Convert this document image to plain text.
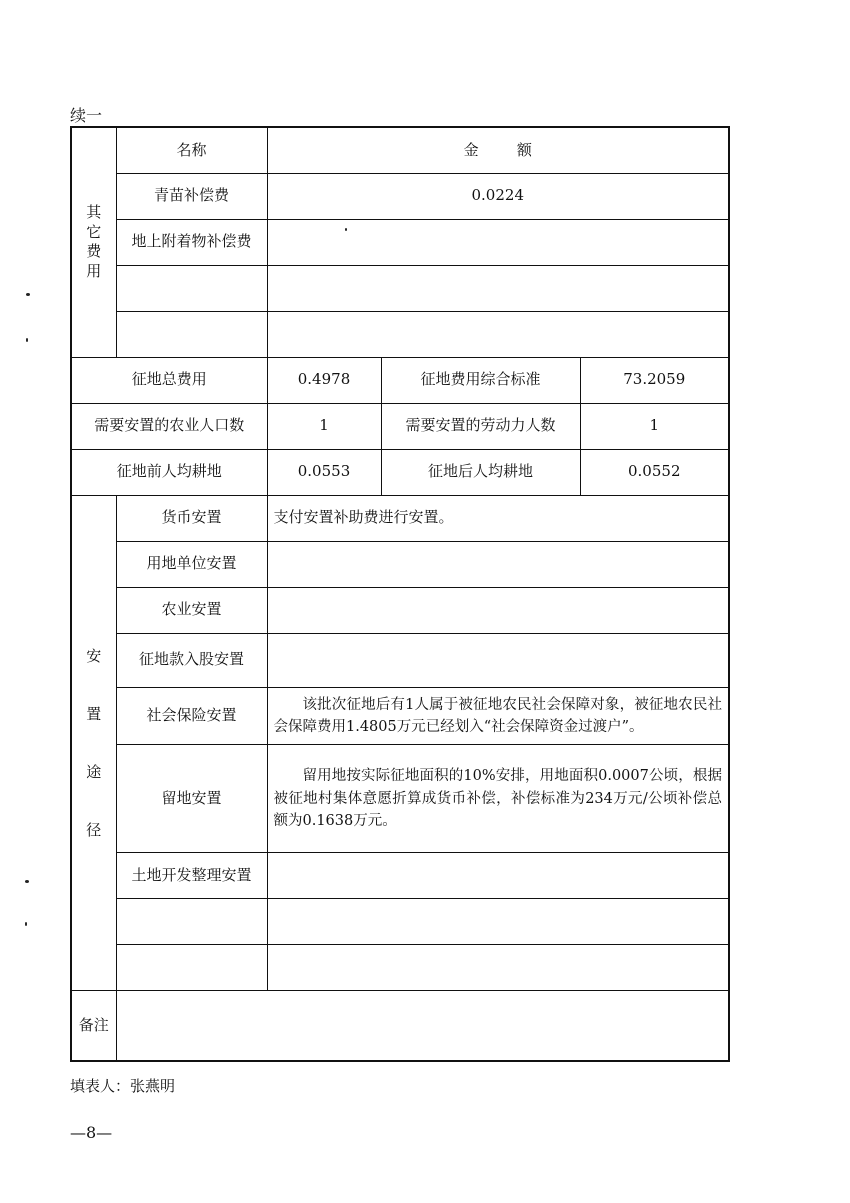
续一
其
它
费
用	名称	金        额		
	青苗补偿费	0.0224		
	地上附着物补偿费			

征地总费用		0.4978	征地费用综合标准	73.2059
需要安置的农业人口数		1	需要安置的劳动力人数	1
征地前人均耕地		0.0553	征地后人均耕地	0.0552

安
置
途
径	货币安置	支付安置补助费进行安置。		
	用地单位安置			
	农业安置			
	征地款入股安置			
	社会保险安置	该批次征地后有1人属于被征地农民社会保障对象，被征地农民社会保障费用1.4805万元已经划入“社会保障资金过渡户”。		

	留地安置	留用地按实际征地面积的10%安排，用地面积0.0007公顷，根据被征地村集体意愿折算成货币补偿，补偿标准为234万元/公顷补偿总额为0.1638万元。		

	土地开发整理安置			

备注				
填表人：张燕明
—8—
